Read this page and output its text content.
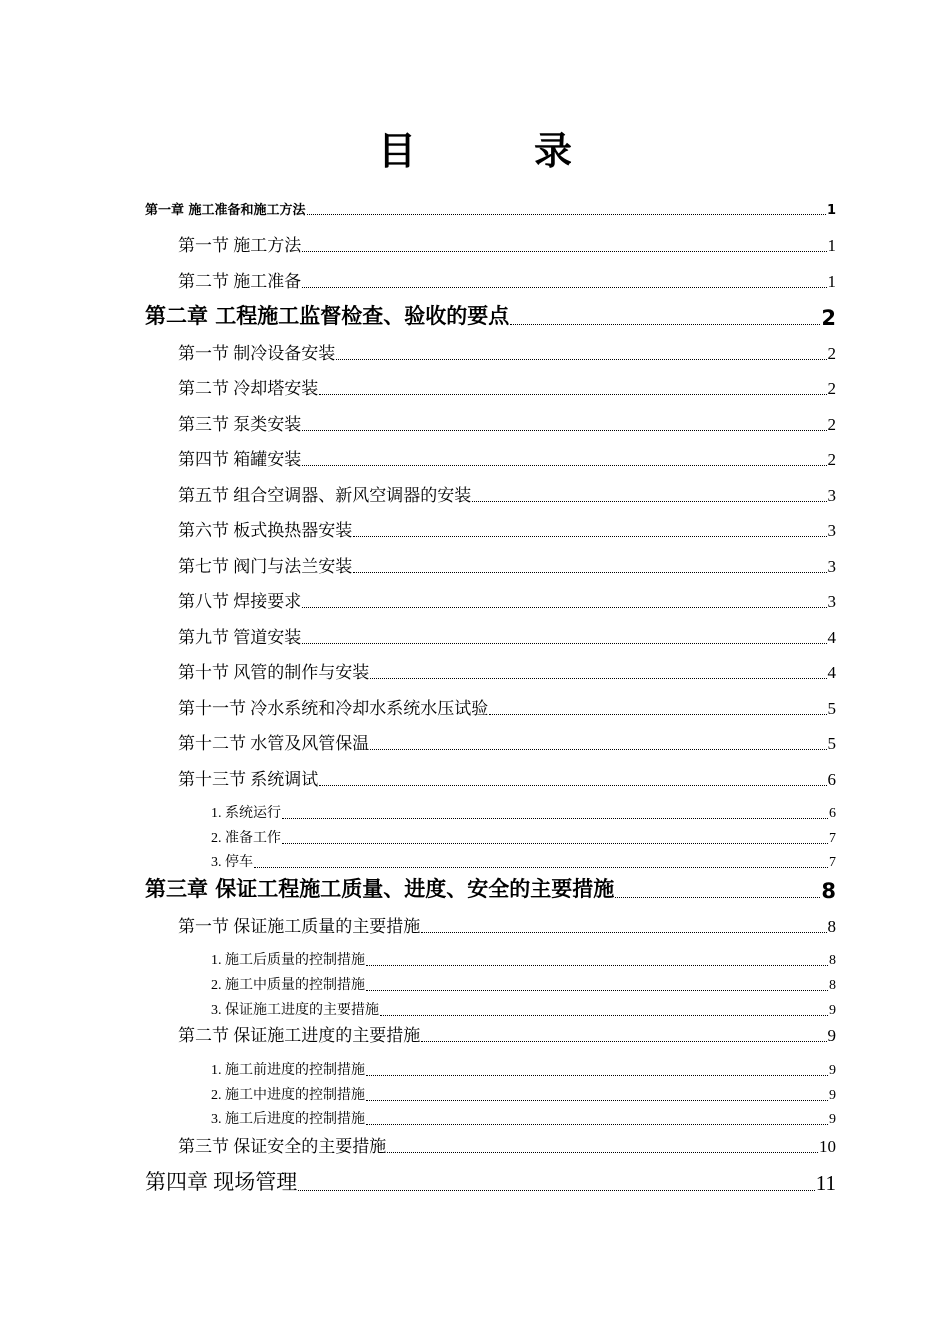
目　录
第一章 施工准备和施工方法	1
第一节 施工方法	1
第二节 施工准备	1
第二章 工程施工监督检查、验收的要点	2
第一节 制冷设备安装	2
第二节 冷却塔安装	2
第三节 泵类安装	2
第四节 箱罐安装	2
第五节 组合空调器、新风空调器的安装	3
第六节 板式换热器安装	3
第七节 阀门与法兰安装	3
第八节 焊接要求	3
第九节 管道安装	4
第十节 风管的制作与安装	4
第十一节 冷水系统和冷却水系统水压试验	5
第十二节 水管及风管保温	5
第十三节 系统调试	6
1. 系统运行	6
2. 准备工作	7
3. 停车	7
第三章 保证工程施工质量、进度、安全的主要措施	8
第一节 保证施工质量的主要措施	8
1. 施工后质量的控制措施	8
2. 施工中质量的控制措施	8
3. 保证施工进度的主要措施	9
第二节 保证施工进度的主要措施	9
1. 施工前进度的控制措施	9
2. 施工中进度的控制措施	9
3. 施工后进度的控制措施	9
第三节 保证安全的主要措施	10
第四章 现场管理	11
